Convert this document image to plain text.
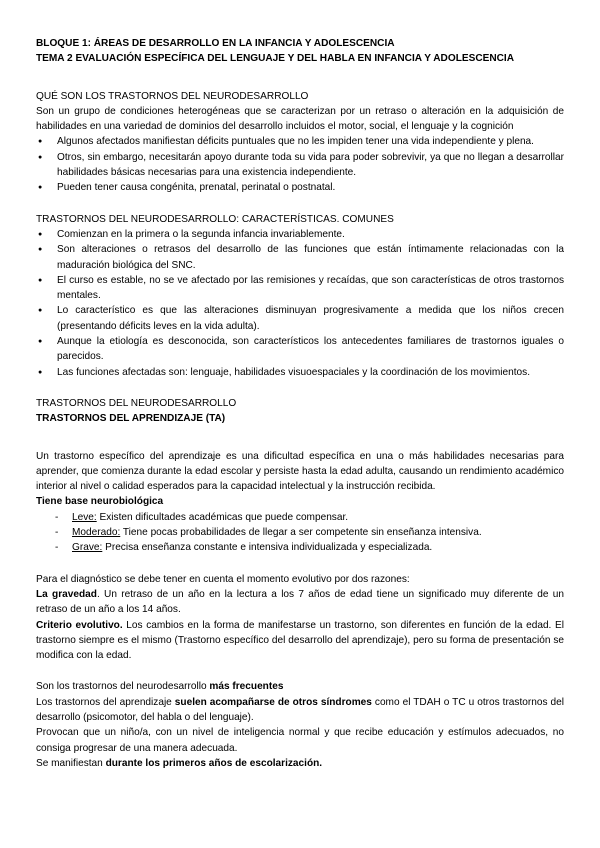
BLOQUE 1: ÁREAS DE DESARROLLO EN LA INFANCIA Y ADOLESCENCIA
TEMA 2 EVALUACIÓN ESPECÍFICA DEL LENGUAJE Y DEL HABLA EN INFANCIA Y ADOLESCENCIA
QUÉ SON LOS TRASTORNOS DEL NEURODESARROLLO

Son un grupo de condiciones heterogéneas que se caracterizan por un retraso o alteración en la adquisición de habilidades en una variedad de dominios del desarrollo incluidos el motor, social, el lenguaje y la cognición

● Algunos afectados manifiestan déficits puntuales que no les impiden tener una vida independiente y plena.
● Otros, sin embargo, necesitarán apoyo durante toda su vida para poder sobrevivir, ya que no llegan a desarrollar habilidades básicas necesarias para una existencia independiente.
● Pueden tener causa congénita, prenatal, perinatal o postnatal.
TRASTORNOS DEL NEURODESARROLLO: CARACTERÍSTICAS. COMUNES
● Comienzan en la primera o la segunda infancia invariablemente.
● Son alteraciones o retrasos del desarrollo de las funciones que están íntimamente relacionadas con la maduración biológica del SNC.
● El curso es estable, no se ve afectado por las remisiones y recaídas, que son características de otros trastornos mentales.
● Lo característico es que las alteraciones disminuyan progresivamente a medida que los niños crecen (presentando déficits leves en la vida adulta).
● Aunque la etiología es desconocida, son característicos los antecedentes familiares de trastornos iguales o parecidos.
● Las funciones afectadas son: lenguaje, habilidades visuoespaciales y la coordinación de los movimientos.
TRASTORNOS DEL NEURODESARROLLO
TRASTORNOS DEL APRENDIZAJE (TA)

Un trastorno específico del aprendizaje es una dificultad específica en una o más habilidades necesarias para aprender, que comienza durante la edad escolar y persiste hasta la edad adulta, causando un rendimiento académico interior al nivel o calidad esperados para la capacidad intelectual y la instrucción recibida.

Tiene base neurobiológica
- Leve: Existen dificultades académicas que puede compensar.
- Moderado: Tiene pocas probabilidades de llegar a ser competente sin enseñanza intensiva.
- Grave: Precisa enseñanza constante e intensiva individualizada y especializada.

Para el diagnóstico se debe tener en cuenta el momento evolutivo por dos razones:

La gravedad. Un retraso de un año en la lectura a los 7 años de edad tiene un significado muy diferente de un retraso de un año a los 14 años.

Criterio evolutivo. Los cambios en la forma de manifestarse un trastorno, son diferentes en función de la edad. El trastorno siempre es el mismo (Trastorno específico del desarrollo del aprendizaje), pero su forma de presentación se modifica con la edad.

Son los trastornos del neurodesarrollo más frecuentes

Los trastornos del aprendizaje suelen acompañarse de otros síndromes como el TDAH o TC u otros trastornos del desarrollo (psicomotor, del habla o del lenguaje).

Provocan que un niño/a, con un nivel de inteligencia normal y que recibe educación y estímulos adecuados, no consiga progresar de una manera adecuada.

Se manifiestan durante los primeros años de escolarización.
